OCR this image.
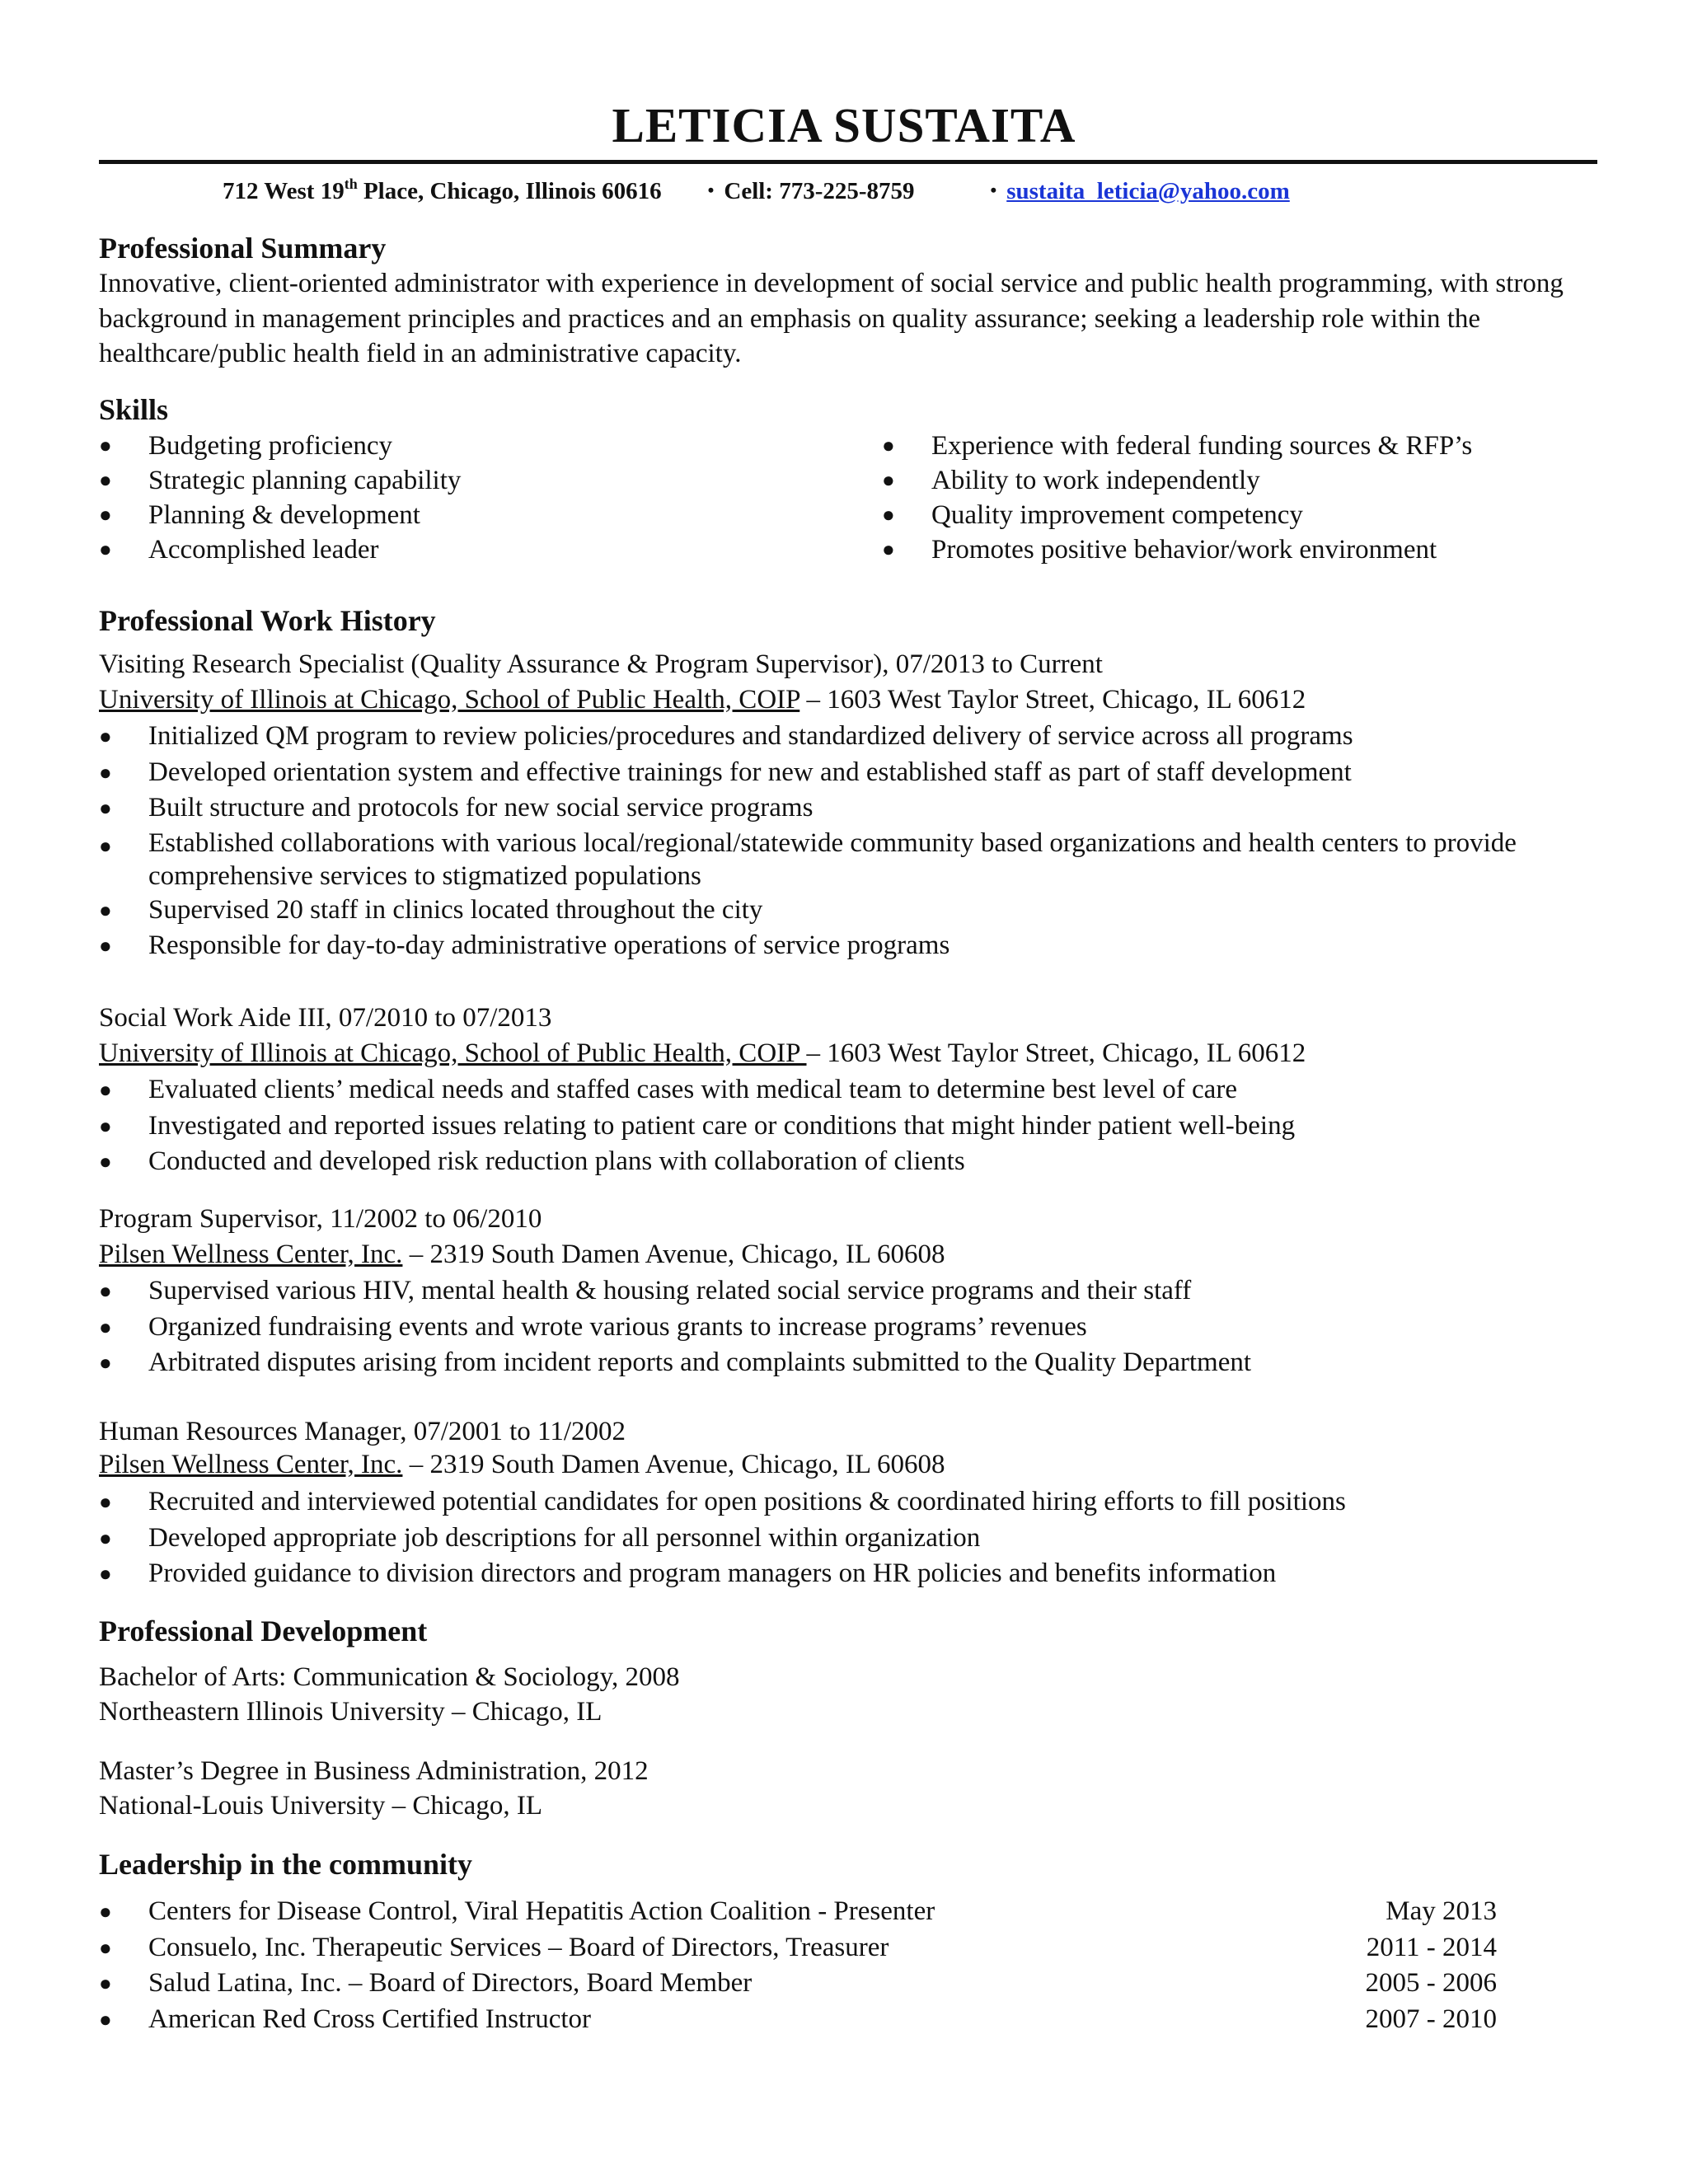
LETICIA SUSTAITA
712 West 19th Place, Chicago, Illinois 60616	• Cell: 773-225-8759	• sustaita_leticia@yahoo.com
Professional Summary

Innovative, client-oriented administrator with experience in development of social service and public health programming, with strong background in management principles and practices and an emphasis on quality assurance; seeking a leadership role within the healthcare/public health field in an administrative capacity.

Skills
● Budgeting proficiency
● Strategic planning capability
● Planning & development
● Accomplished leader
● Experience with federal funding sources & RFP’s
● Ability to work independently
● Quality improvement competency
● Promotes positive behavior/work environment
Professional Work History

Visiting Research Specialist (Quality Assurance & Program Supervisor), 07/2013 to Current

University of Illinois at Chicago, School of Public Health, COIP – 1603 West Taylor Street, Chicago, IL 60612

● Initialized QM program to review policies/procedures and standardized delivery of service across all programs
● Developed orientation system and effective trainings for new and established staff as part of staff development
● Built structure and protocols for new social service programs
● Established collaborations with various local/regional/statewide community based organizations and health centers to provide comprehensive services to stigmatized populations
● Supervised 20 staff in clinics located throughout the city
● Responsible for day-to-day administrative operations of service programs

Social Work Aide III, 07/2010 to 07/2013

University of Illinois at Chicago, School of Public Health, COIP – 1603 West Taylor Street, Chicago, IL 60612

● Evaluated clients’ medical needs and staffed cases with medical team to determine best level of care
● Investigated and reported issues relating to patient care or conditions that might hinder patient well-being
● Conducted and developed risk reduction plans with collaboration of clients

Program Supervisor, 11/2002 to 06/2010

Pilsen Wellness Center, Inc. – 2319 South Damen Avenue, Chicago, IL 60608

● Supervised various HIV, mental health & housing related social service programs and their staff
● Organized fundraising events and wrote various grants to increase programs’ revenues
● Arbitrated disputes arising from incident reports and complaints submitted to the Quality Department

Human Resources Manager, 07/2001 to 11/2002

Pilsen Wellness Center, Inc. – 2319 South Damen Avenue, Chicago, IL 60608

● Recruited and interviewed potential candidates for open positions & coordinated hiring efforts to fill positions
● Developed appropriate job descriptions for all personnel within organization
● Provided guidance to division directors and program managers on HR policies and benefits information
Professional Development

Bachelor of Arts: Communication & Sociology, 2008

Northeastern Illinois University – Chicago, IL

Master’s Degree in Business Administration, 2012

National-Louis University – Chicago, IL

Leadership in the community
● Centers for Disease Control, Viral Hepatitis Action Coalition - Presenter	May 2013
● Consuelo, Inc. Therapeutic Services – Board of Directors, Treasurer	2011 - 2014
● Salud Latina, Inc. – Board of Directors, Board Member	2005 - 2006
● American Red Cross Certified Instructor	2007 - 2010
